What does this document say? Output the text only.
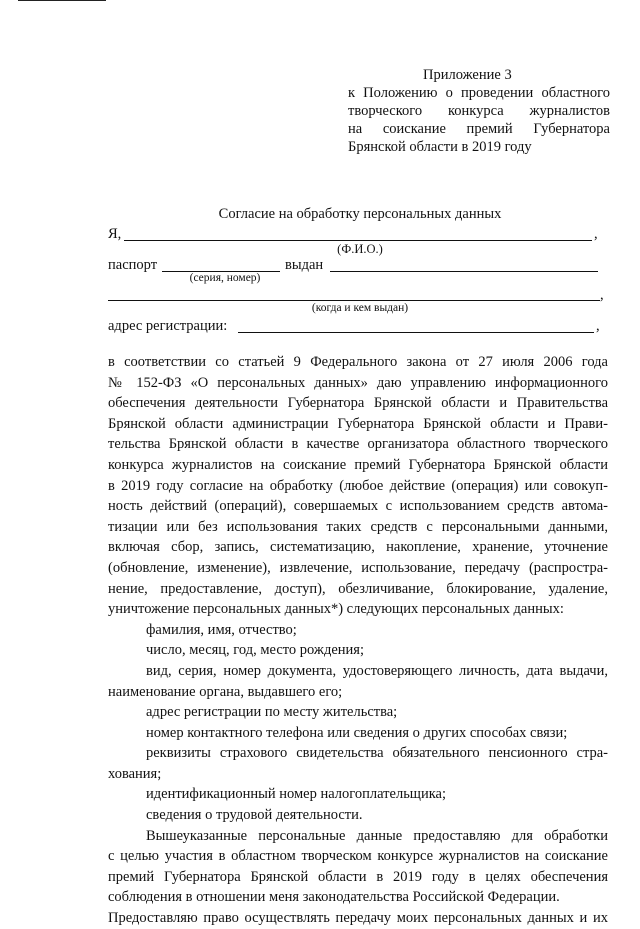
Приложение 3
к Положению о проведении областного
творческого конкурса журналистов
на соискание премий Губернатора
Брянской области в 2019 году
Согласие на обработку персональных данных
Я,	,
(Ф.И.О.)
паспорт	выдан
(серия, номер)
,
(когда и кем выдан)
адрес регистрации:	,
в соответствии со статьей 9 Федерального закона от 27 июля 2006 года
№ 152-ФЗ «О персональных данных» даю управлению информационного
обеспечения деятельности Губернатора Брянской области и Правительства
Брянской области администрации Губернатора Брянской области и Прави-
тельства Брянской области в качестве организатора областного творческого
конкурса журналистов на соискание премий Губернатора Брянской области
в 2019 году согласие на обработку (любое действие (операция) или совокуп-
ность действий (операций), совершаемых с использованием средств автома-
тизации или без использования таких средств с персональными данными,
включая сбор, запись, систематизацию, накопление, хранение, уточнение
(обновление, изменение), извлечение, использование, передачу (распростра-
нение, предоставление, доступ), обезличивание, блокирование, удаление,
уничтожение персональных данных*) следующих персональных данных:
фамилия, имя, отчество;
число, месяц, год, место рождения;
вид, серия, номер документа, удостоверяющего личность, дата выдачи,
наименование органа, выдавшего его;
адрес регистрации по месту жительства;
номер контактного телефона или сведения о других способах связи;
реквизиты страхового свидетельства обязательного пенсионного стра-
хования;
идентификационный номер налогоплательщика;
сведения о трудовой деятельности.
Вышеуказанные персональные данные предоставляю для обработки
с целью участия в областном творческом конкурсе журналистов на соискание
премий Губернатора Брянской области в 2019 году в целях обеспечения
соблюдения в отношении меня законодательства Российской Федерации.
Предоставляю право осуществлять передачу моих персональных данных и их
